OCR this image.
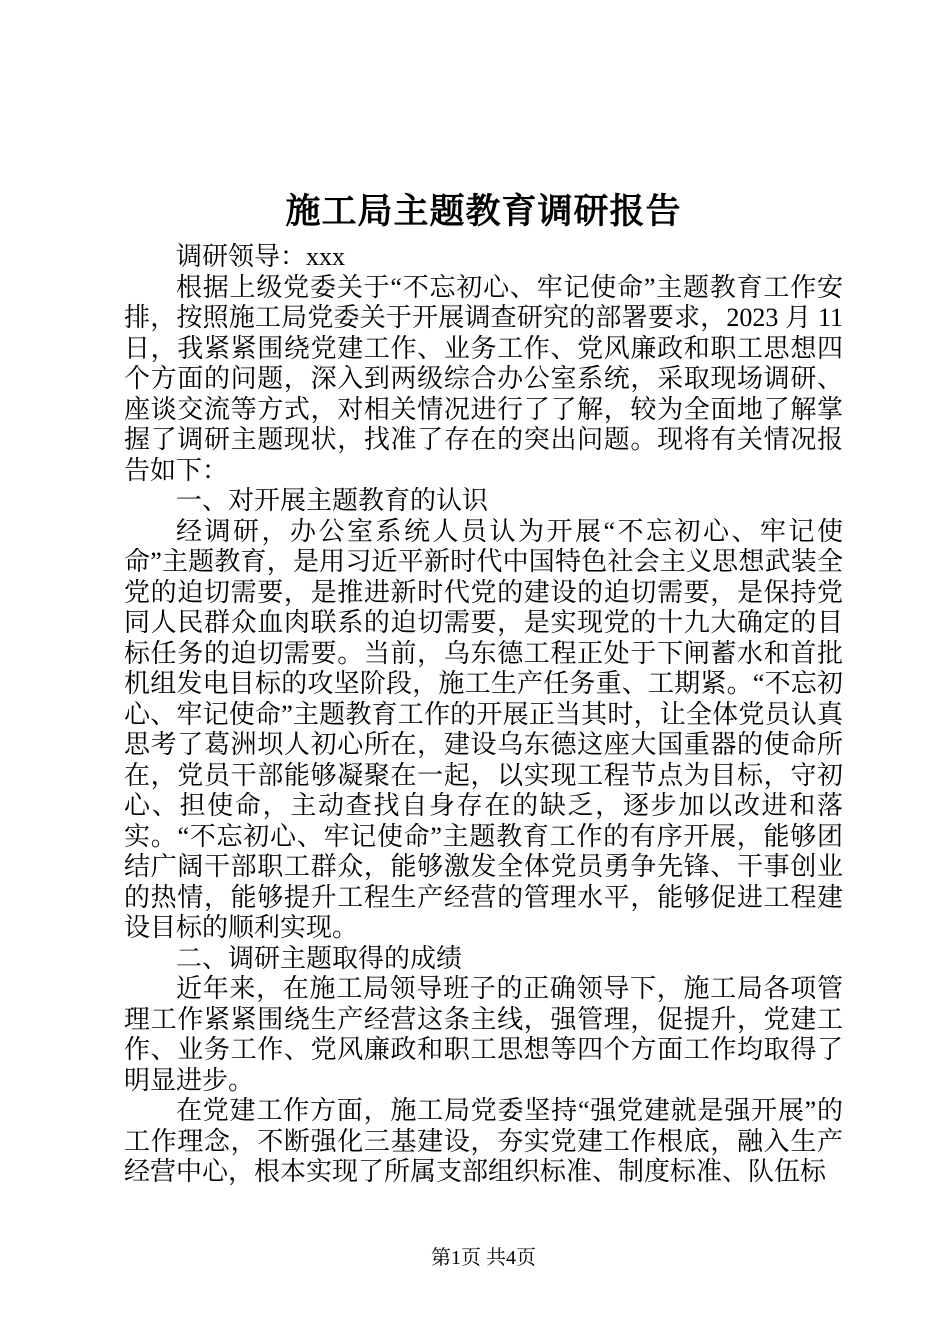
施工局主题教育调研报告

调研领导：xxx

根据上级党委关于“不忘初心、牢记使命”主题教育工作安排，按照施工局党委关于开展调查研究的部署要求，2023 月 11 日，我紧紧围绕党建工作、业务工作、党风廉政和职工思想四个方面的问题，深入到两级综合办公室系统，采取现场调研、座谈交流等方式，对相关情况进行了了解，较为全面地了解掌握了调研主题现状，找准了存在的突出问题。现将有关情况报告如下：

一、对开展主题教育的认识

经调研，办公室系统人员认为开展“不忘初心、牢记使命”主题教育，是用习近平新时代中国特色社会主义思想武装全党的迫切需要，是推进新时代党的建设的迫切需要，是保持党同人民群众血肉联系的迫切需要，是实现党的十九大确定的目标任务的迫切需要。当前，乌东德工程正处于下闸蓄水和首批机组发电目标的攻坚阶段，施工生产任务重、工期紧。“不忘初心、牢记使命”主题教育工作的开展正当其时，让全体党员认真思考了葛洲坝人初心所在，建设乌东德这座大国重器的使命所在，党员干部能够凝聚在一起，以实现工程节点为目标，守初心、担使命，主动查找自身存在的缺乏，逐步加以改进和落实。“不忘初心、牢记使命”主题教育工作的有序开展，能够团结广阔干部职工群众，能够激发全体党员勇争先锋、干事创业的热情，能够提升工程生产经营的管理水平，能够促进工程建设目标的顺利实现。

二、调研主题取得的成绩

近年来，在施工局领导班子的正确领导下，施工局各项管理工作紧紧围绕生产经营这条主线，强管理，促提升，党建工作、业务工作、党风廉政和职工思想等四个方面工作均取得了明显进步。

在党建工作方面，施工局党委坚持“强党建就是强开展”的工作理念，不断强化三基建设，夯实党建工作根底，融入生产经营中心，根本实现了所属支部组织标准、制度标准、队伍标

第1页 共4页
